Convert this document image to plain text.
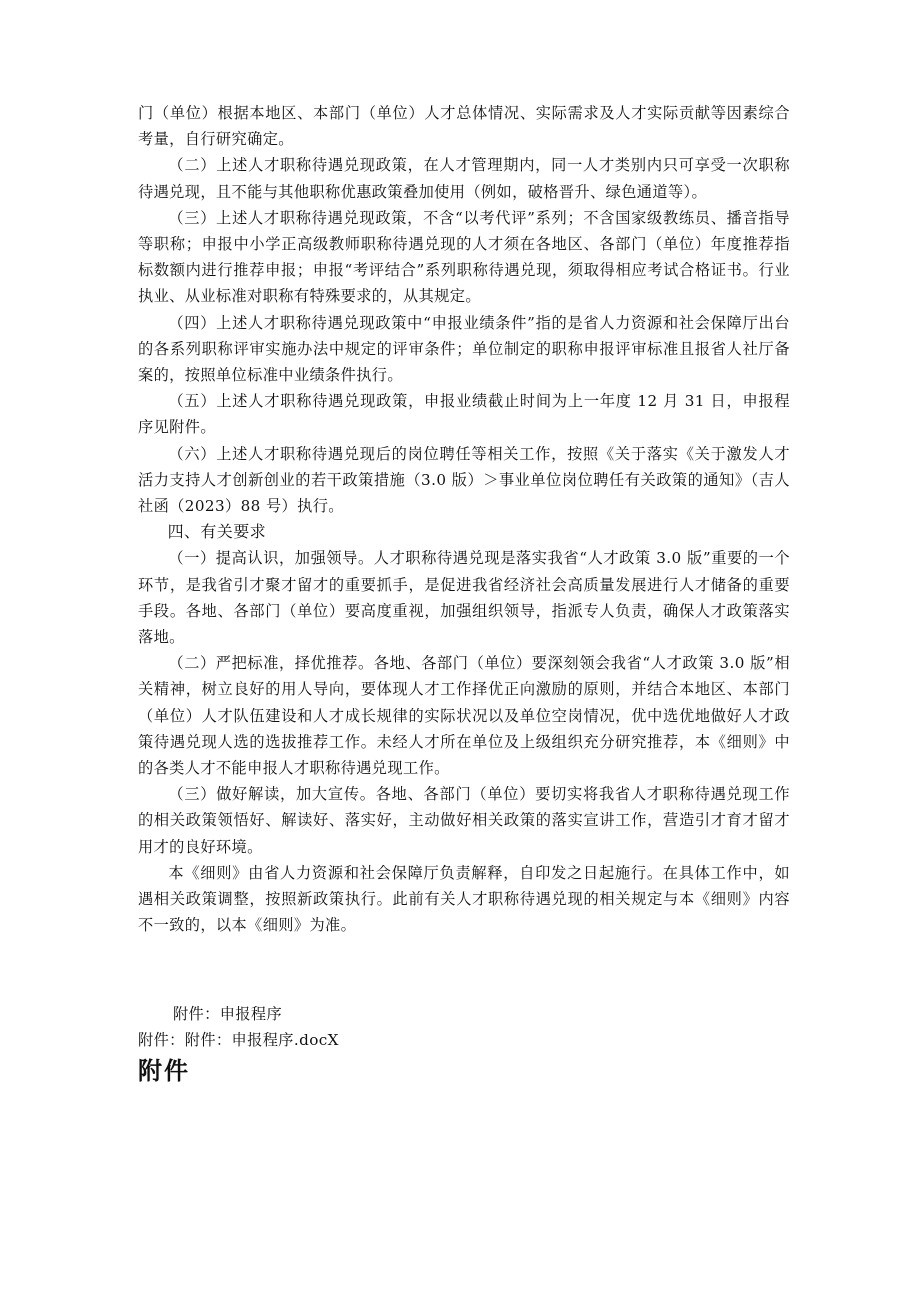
门（单位）根据本地区、本部门（单位）人才总体情况、实际需求及人才实际贡献等因素综合考量，自行研究确定。

（二）上述人才职称待遇兑现政策，在人才管理期内，同一人才类别内只可享受一次职称待遇兑现，且不能与其他职称优惠政策叠加使用（例如，破格晋升、绿色通道等）。

（三）上述人才职称待遇兑现政策，不含“以考代评”系列；不含国家级教练员、播音指导等职称；申报中小学正高级教师职称待遇兑现的人才须在各地区、各部门（单位）年度推荐指标数额内进行推荐申报；申报“考评结合”系列职称待遇兑现，须取得相应考试合格证书。行业执业、从业标准对职称有特殊要求的，从其规定。

（四）上述人才职称待遇兑现政策中“申报业绩条件”指的是省人力资源和社会保障厅出台的各系列职称评审实施办法中规定的评审条件；单位制定的职称申报评审标准且报省人社厅备案的，按照单位标准中业绩条件执行。

（五）上述人才职称待遇兑现政策，申报业绩截止时间为上一年度 12 月 31 日，申报程序见附件。

（六）上述人才职称待遇兑现后的岗位聘任等相关工作，按照《关于落实《关于激发人才活力支持人才创新创业的若干政策措施（3.0 版）＞事业单位岗位聘任有关政策的通知》（吉人社函（2023）88 号）执行。

四、有关要求

（一）提高认识，加强领导。人才职称待遇兑现是落实我省“人才政策 3.0 版”重要的一个环节，是我省引才聚才留才的重要抓手，是促进我省经济社会高质量发展进行人才储备的重要手段。各地、各部门（单位）要高度重视，加强组织领导，指派专人负责，确保人才政策落实落地。

（二）严把标准，择优推荐。各地、各部门（单位）要深刻领会我省“人才政策 3.0 版”相关精神，树立良好的用人导向，要体现人才工作择优正向激励的原则，并结合本地区、本部门（单位）人才队伍建设和人才成长规律的实际状况以及单位空岗情况，优中选优地做好人才政策待遇兑现人选的选拔推荐工作。未经人才所在单位及上级组织充分研究推荐，本《细则》中的各类人才不能申报人才职称待遇兑现工作。

（三）做好解读，加大宣传。各地、各部门（单位）要切实将我省人才职称待遇兑现工作的相关政策领悟好、解读好、落实好，主动做好相关政策的落实宣讲工作，营造引才育才留才用才的良好环境。

本《细则》由省人力资源和社会保障厅负责解释，自印发之日起施行。在具体工作中，如遇相关政策调整，按照新政策执行。此前有关人才职称待遇兑现的相关规定与本《细则》内容不一致的，以本《细则》为准。

附件：申报程序

附件：附件：申报程序.docX

附件
